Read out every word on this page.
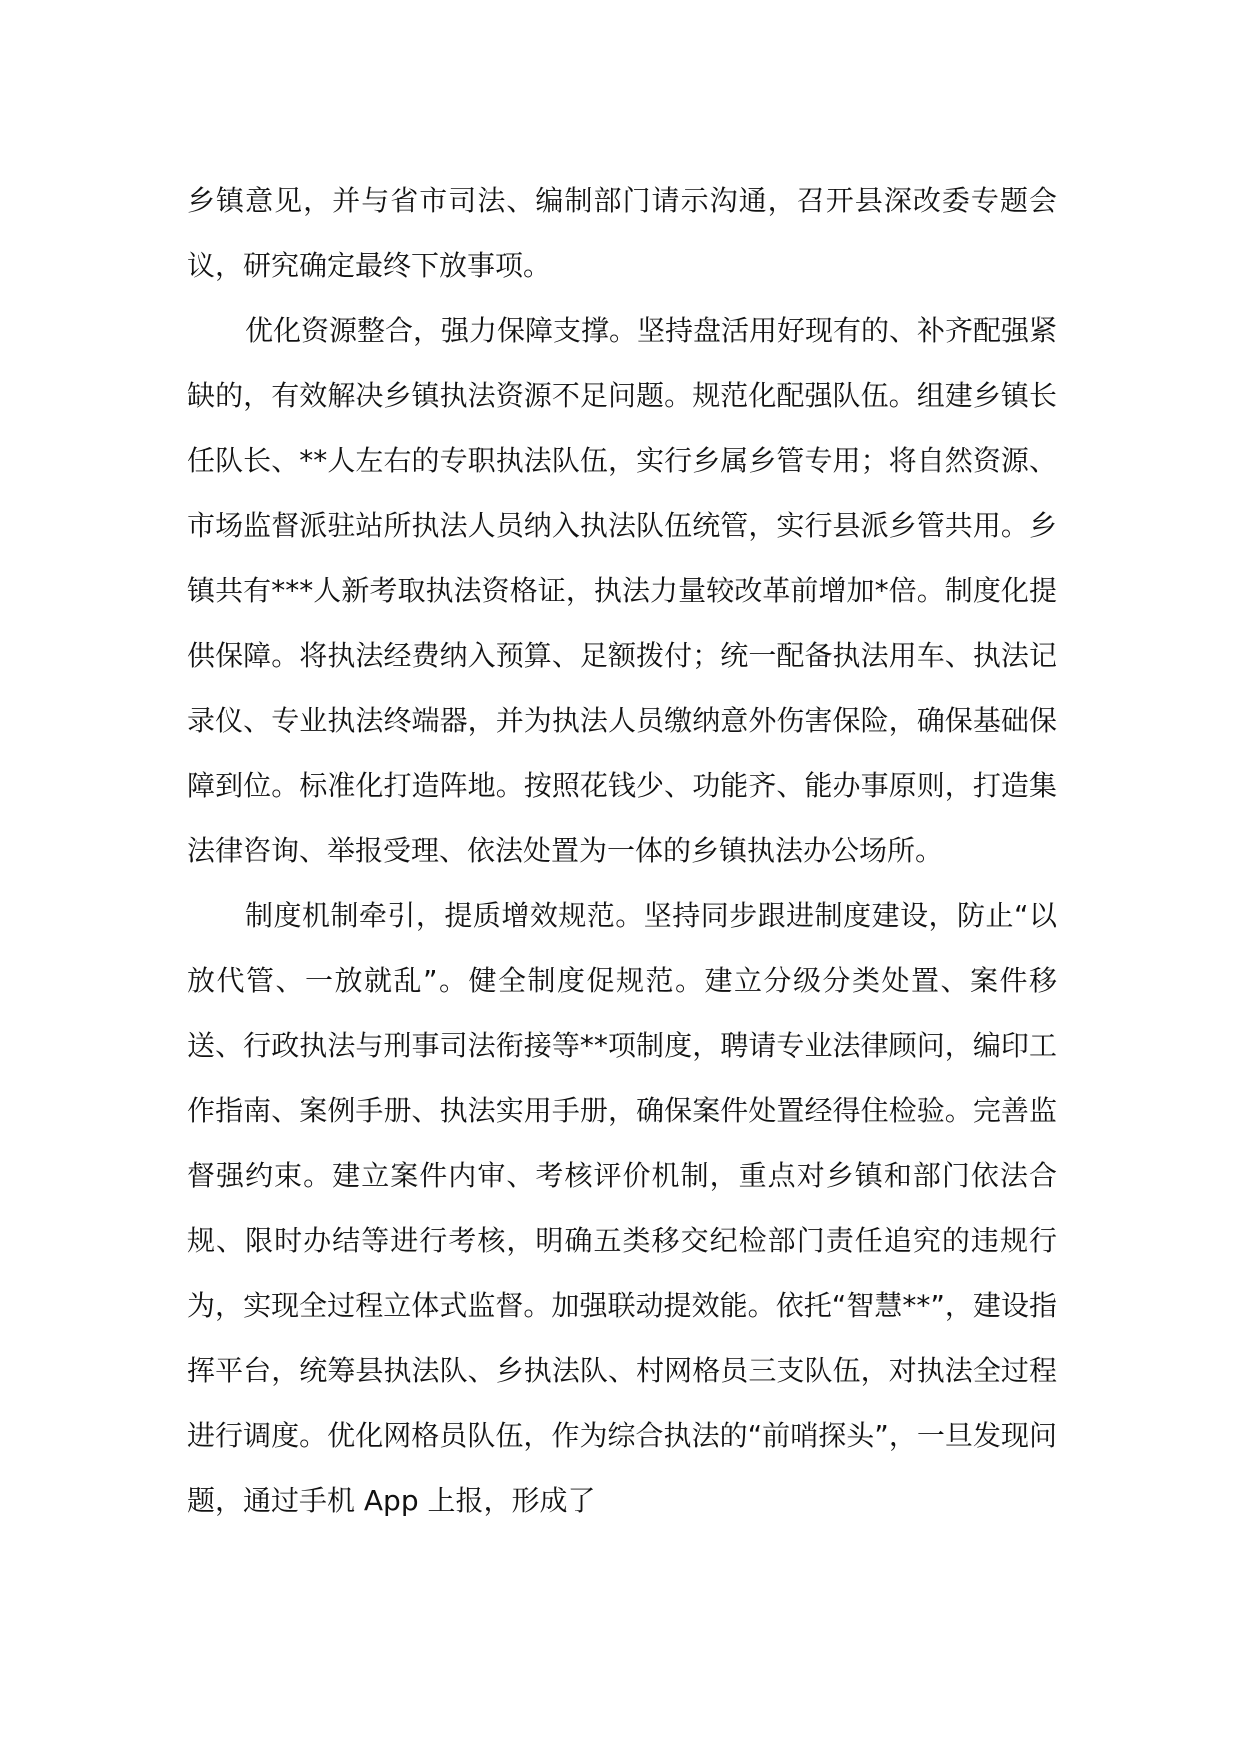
乡镇意见，并与省市司法、编制部门请示沟通，召开县深改委专题会议，研究确定最终下放事项。

优化资源整合，强力保障支撑。坚持盘活用好现有的、补齐配强紧缺的，有效解决乡镇执法资源不足问题。规范化配强队伍。组建乡镇长任队长、**人左右的专职执法队伍，实行乡属乡管专用；将自然资源、市场监督派驻站所执法人员纳入执法队伍统管，实行县派乡管共用。乡镇共有***人新考取执法资格证，执法力量较改革前增加*倍。制度化提供保障。将执法经费纳入预算、足额拨付；统一配备执法用车、执法记录仪、专业执法终端器，并为执法人员缴纳意外伤害保险，确保基础保障到位。标准化打造阵地。按照花钱少、功能齐、能办事原则，打造集法律咨询、举报受理、依法处置为一体的乡镇执法办公场所。

制度机制牵引，提质增效规范。坚持同步跟进制度建设，防止“以放代管、一放就乱”。健全制度促规范。建立分级分类处置、案件移送、行政执法与刑事司法衔接等**项制度，聘请专业法律顾问，编印工作指南、案例手册、执法实用手册，确保案件处置经得住检验。完善监督强约束。建立案件内审、考核评价机制，重点对乡镇和部门依法合规、限时办结等进行考核，明确五类移交纪检部门责任追究的违规行为，实现全过程立体式监督。加强联动提效能。依托“智慧**”，建设指挥平台，统筹县执法队、乡执法队、村网格员三支队伍，对执法全过程进行调度。优化网格员队伍，作为综合执法的“前哨探头”，一旦发现问题，通过手机 App 上报，形成了
